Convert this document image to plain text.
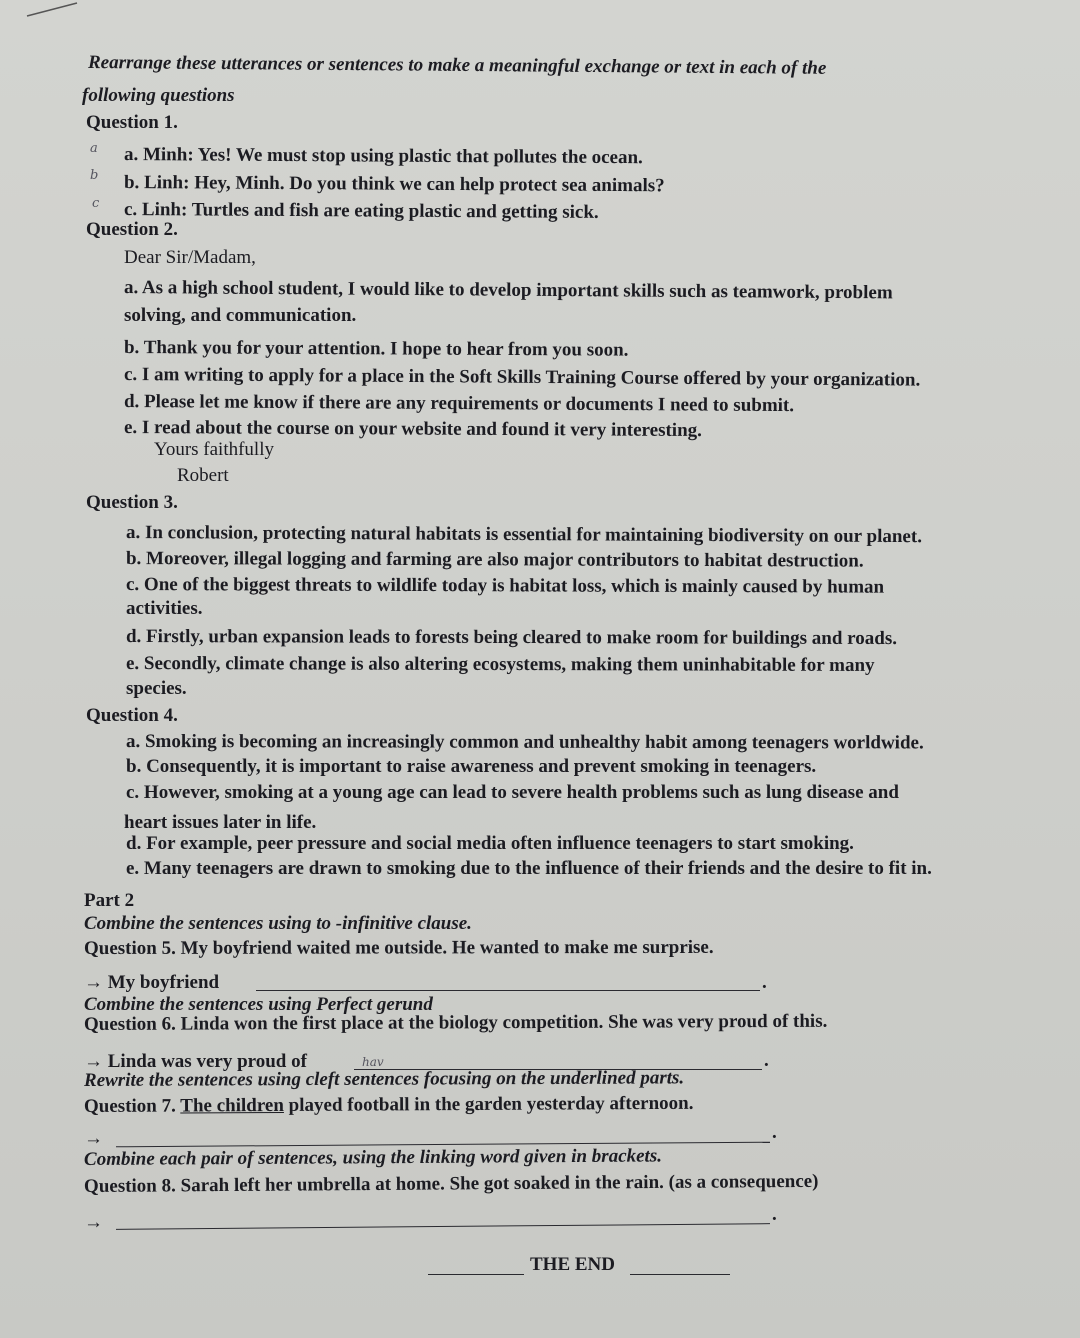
Rearrange these utterances or sentences to make a meaningful exchange or text in each of the
following questions
Question 1.
a a. Minh: Yes! We must stop using plastic that pollutes the ocean.
b b. Linh: Hey, Minh. Do you think we can help protect sea animals?
c c. Linh: Turtles and fish are eating plastic and getting sick.
Question 2.
Dear Sir/Madam,
a. As a high school student, I would like to develop important skills such as teamwork, problem
solving, and communication.
b. Thank you for your attention. I hope to hear from you soon.
c. I am writing to apply for a place in the Soft Skills Training Course offered by your organization.
d. Please let me know if there are any requirements or documents I need to submit.
e. I read about the course on your website and found it very interesting.
Yours faithfully
Robert
Question 3.
a. In conclusion, protecting natural habitats is essential for maintaining biodiversity on our planet.
b. Moreover, illegal logging and farming are also major contributors to habitat destruction.
c. One of the biggest threats to wildlife today is habitat loss, which is mainly caused by human
activities.
d. Firstly, urban expansion leads to forests being cleared to make room for buildings and roads.
e. Secondly, climate change is also altering ecosystems, making them uninhabitable for many
species.
Question 4.
a. Smoking is becoming an increasingly common and unhealthy habit among teenagers worldwide.
b. Consequently, it is important to raise awareness and prevent smoking in teenagers.
c. However, smoking at a young age can lead to severe health problems such as lung disease and
heart issues later in life.
d. For example, peer pressure and social media often influence teenagers to start smoking.
e. Many teenagers are drawn to smoking due to the influence of their friends and the desire to fit in.
Part 2
Combine the sentences using to -infinitive clause.
Question 5. My boyfriend waited me outside. He wanted to make me surprise.
→ My boyfriend	.
Combine the sentences using Perfect gerund
Question 6. Linda won the first place at the biology competition. She was very proud of this.
→ Linda was very proud of	hav	.
Rewrite the sentences using cleft sentences focusing on the underlined parts.
Question 7. The children played football in the garden yesterday afternoon.
→	.
Combine each pair of sentences, using the linking word given in brackets.
Question 8. Sarah left her umbrella at home. She got soaked in the rain. (as a consequence)
→	.
THE END
